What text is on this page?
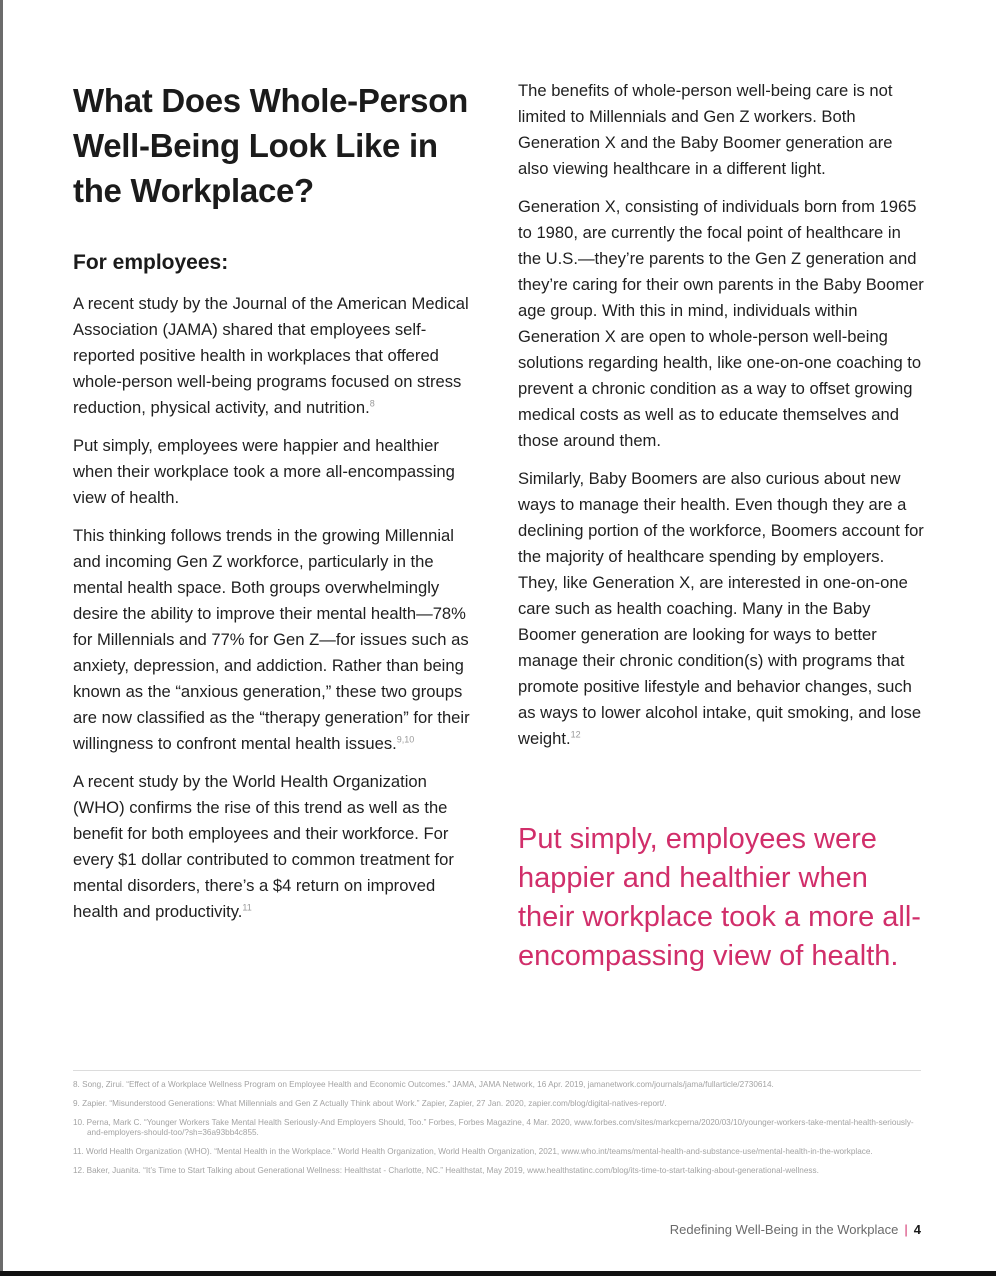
What Does Whole-Person Well-Being Look Like in the Workplace?
For employees:

A recent study by the Journal of the American Medical Association (JAMA) shared that employees self-reported positive health in workplaces that offered whole-person well-being programs focused on stress reduction, physical activity, and nutrition.$^8$

Put simply, employees were happier and healthier when their workplace took a more all-encompassing view of health.

This thinking follows trends in the growing Millennial and incoming Gen Z workforce, particularly in the mental health space. Both groups overwhelmingly desire the ability to improve their mental health—78% for Millennials and 77% for Gen Z—for issues such as anxiety, depression, and addiction. Rather than being known as the “anxious generation,” these two groups are now classified as the “therapy generation” for their willingness to confront mental health issues.$^{9,10}$

A recent study by the World Health Organization (WHO) confirms the rise of this trend as well as the benefit for both employees and their workforce. For every $1 dollar contributed to common treatment for mental disorders, there’s a $4 return on improved health and productivity.$^{11}$

The benefits of whole-person well-being care is not limited to Millennials and Gen Z workers. Both Generation X and the Baby Boomer generation are also viewing healthcare in a different light.

Generation X, consisting of individuals born from 1965 to 1980, are currently the focal point of healthcare in the U.S.—they’re parents to the Gen Z generation and they’re caring for their own parents in the Baby Boomer age group. With this in mind, individuals within Generation X are open to whole-person well-being solutions regarding health, like one-on-one coaching to prevent a chronic condition as a way to offset growing medical costs as well as to educate themselves and those around them.

Similarly, Baby Boomers are also curious about new ways to manage their health. Even though they are a declining portion of the workforce, Boomers account for the majority of healthcare spending by employers. They, like Generation X, are interested in one-on-one care such as health coaching. Many in the Baby Boomer generation are looking for ways to better manage their chronic condition(s) with programs that promote positive lifestyle and behavior changes, such as ways to lower alcohol intake, quit smoking, and lose weight.$^{12}$

Put simply, employees were happier and healthier when their workplace took a more all-encompassing view of health.

8. Song, Zirui. “Effect of a Workplace Wellness Program on Employee Health and Economic Outcomes.” JAMA, JAMA Network, 16 Apr. 2019, jamanetwork.com/journals/jama/fullarticle/2730614.

9. Zapier. “Misunderstood Generations: What Millennials and Gen Z Actually Think about Work.” Zapier, Zapier, 27 Jan. 2020, zapier.com/blog/digital-natives-report/.

10. Perna, Mark C. “Younger Workers Take Mental Health Seriously-And Employers Should, Too.” Forbes, Forbes Magazine, 4 Mar. 2020, www.forbes.com/sites/markcperna/2020/03/10/younger-workers-take-mental-health-seriously-and-employers-should-too/?sh=36a93bb4c855.

11. World Health Organization (WHO). “Mental Health in the Workplace.” World Health Organization, World Health Organization, 2021, www.who.int/teams/mental-health-and-substance-use/mental-health-in-the-workplace.

12. Baker, Juanita. “It’s Time to Start Talking about Generational Wellness: Healthstat - Charlotte, NC.” Healthstat, May 2019, www.healthstatinc.com/blog/its-time-to-start-talking-about-generational-wellness.

Redefining Well-Being in the Workplace | 4
